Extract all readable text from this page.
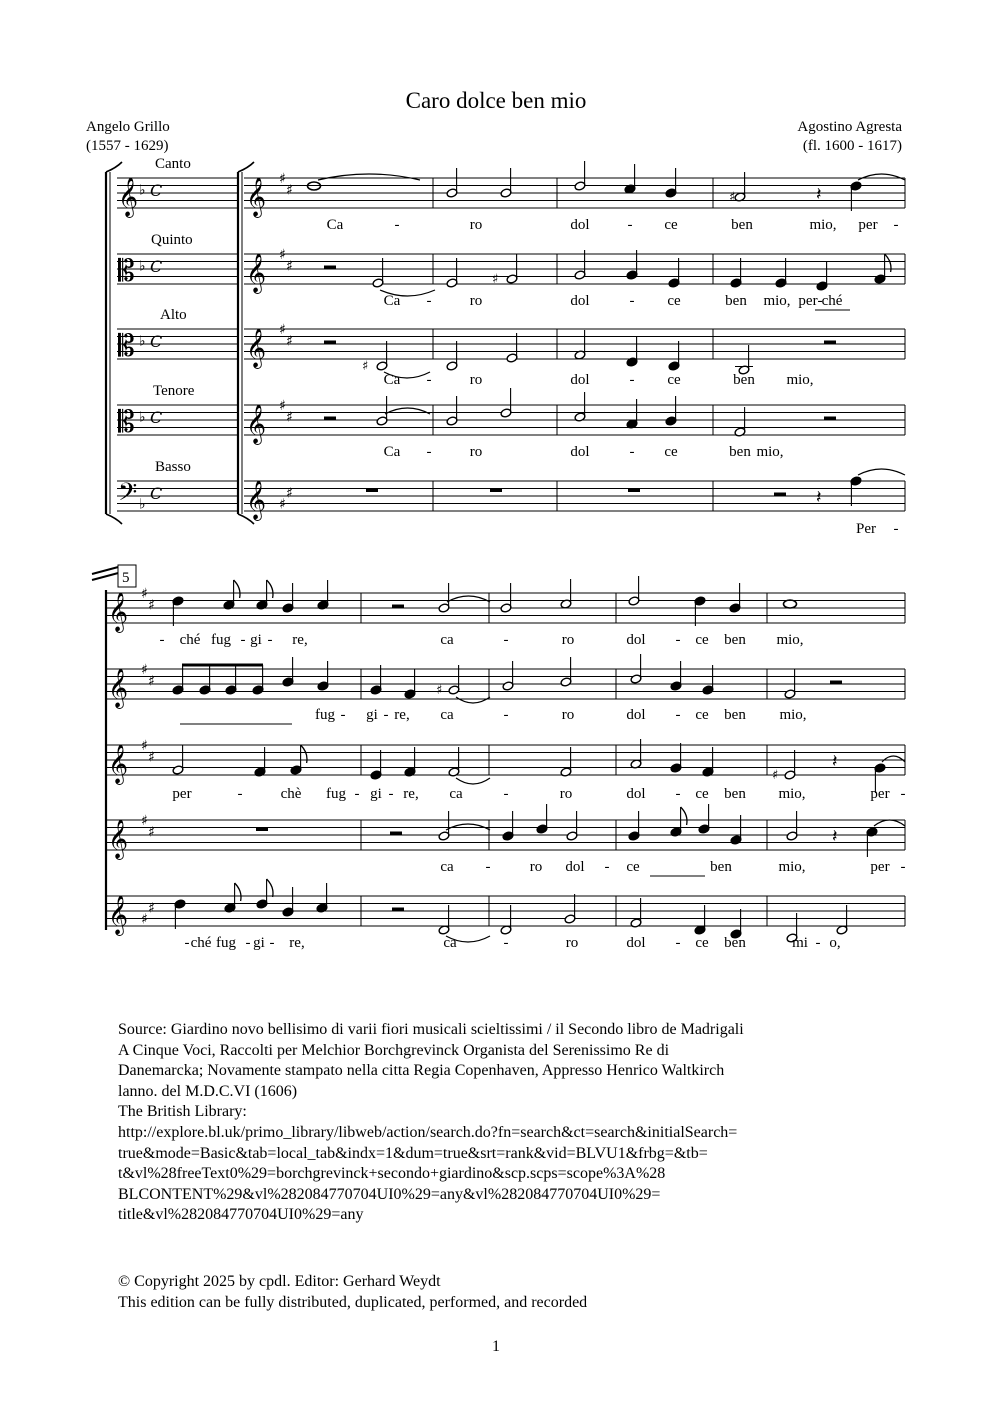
Caro dolce ben mio
Angelo Grillo
(1557 - 1629)
Agostino Agresta
(fl. 1600 - 1617)
Canto
Quinto
Alto
Tenore
Basso
𝄞
𝄡
𝄡
𝄡
𝄢
♭ C
♭ C
♭ C
♭ C
♭
C
𝄞 ♯
♯
𝄞 ♯
♯
𝄞 ♯
♯
𝄞 ♯
♯
𝄞 ♯
♯
♯	𝄽
♯
♯
𝄽
5
𝄞 ♯
♯
𝄞 ♯
♯
𝄞 ♯
♯
𝄞 ♯
♯
𝄞 ♯
♯
♯
♯
𝄽
𝄽
Ca	-	ro	dol	- ce	ben	mio, per -
Ca -	ro	dol	- ce	ben mio, per - ché
Ca -	ro	dol	- ce	ben mio,
Ca -	ro	dol	- ce	ben mio,
Per -
- ché fug - gi - re,	ca	-	ro	dol - ce ben mio,
fug - gi - re, ca	-	ro	dol - ce ben mio,
per	-	chè fug - gi - re, ca	-	ro	dol - ce ben mio,	per -
ca -	ro dol - ce	ben	mio,	per -
- ché fug - gi - re,	ca	-	ro	dol - ce ben	mi - o,
Source: Giardino novo bellisimo di varii fiori musicali scieltissimi / il Secondo libro de Madrigali
A Cinque Voci, Raccolti per Melchior Borchgrevinck Organista del Serenissimo Re di
Danemarcka; Novamente stampato nella citta Regia Copenhaven, Appresso Henrico Waltkirch
lanno. del M.D.C.VI (1606)
The British Library:
http://explore.bl.uk/primo_library/libweb/action/search.do?fn=search&ct=search&initialSearch=
true&mode=Basic&tab=local_tab&indx=1&dum=true&srt=rank&vid=BLVU1&frbg=&tb=
t&vl%28freeText0%29=borchgrevinck+secondo+giardino&scp.scps=scope%3A%28
BLCONTENT%29&vl%282084770704UI0%29=any&vl%282084770704UI0%29=
title&vl%282084770704UI0%29=any
© Copyright 2025 by cpdl. Editor: Gerhard Weydt
This edition can be fully distributed, duplicated, performed, and recorded
1
